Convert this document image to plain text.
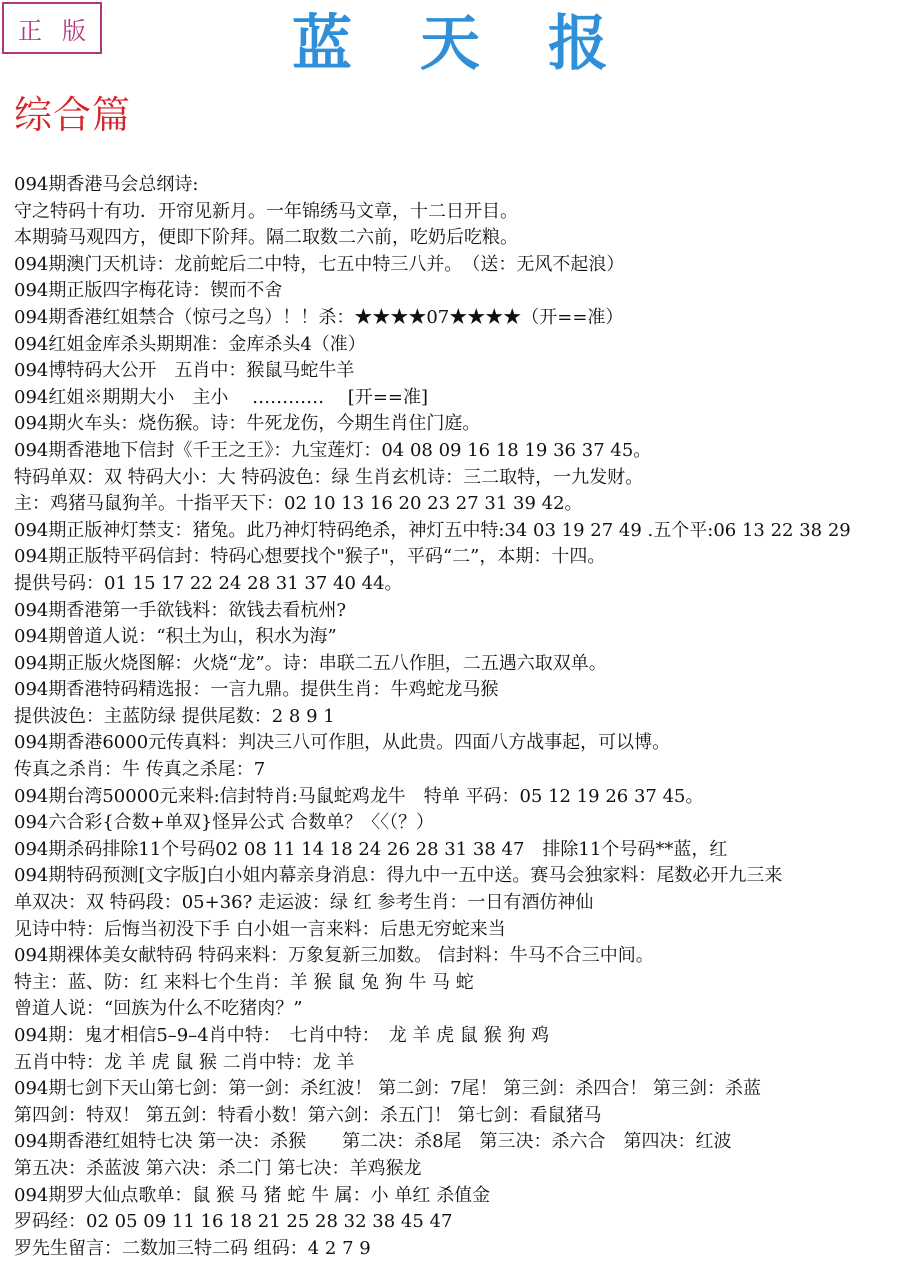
正版	蓝天报
综合篇
094期香港马会总纲诗:
守之特码十有功．开帘见新月。一年锦绣马文章，十二日开目。
本期骑马观四方，便即下阶拜。隔二取数二六前，吃奶后吃粮。
094期澳门天机诗：龙前蛇后二中特，七五中特三八并。　（送：无风不起浪）
094期正版四字梅花诗：锲而不舍
094期香港红姐禁合（惊弓之鸟）！！杀：★★★★07★★★★（开==准）
094红姐金库杀头期期准：金库杀头4（准）
094博特码大公开　五肖中：猴鼠马蛇牛羊
094红姐※期期大小　主小　 ………… 　[开==准]
094期火车头：烧伤猴。诗：牛死龙伤，今期生肖住门庭。
094期香港地下信封《千王之王》：九宝莲灯：04 08 09 16 18 19 36 37 45。
特码单双：双 特码大小：大 特码波色：绿 生肖玄机诗：三二取特，一九发财。
主：鸡猪马鼠狗羊。十指平天下：02 10 13 16 20 23 27 31 39 42。
094期正版神灯禁支：猪兔。此乃神灯特码绝杀，神灯五中特:34 03 19 27 49 .五个平:06 13 22 38 29
094期正版特平码信封：特码心想要找个"猴子"，平码“二”，本期：十四。
提供号码：01 15 17 22 24 28 31 37 40 44。
094期香港第一手欲钱料：欲钱去看杭州?
094期曾道人说：“积土为山，积水为海”
094期正版火烧图解：火烧“龙”。诗：串联二五八作胆，二五遇六取双单。
094期香港特码精选报：一言九鼎。提供生肖：牛鸡蛇龙马猴
提供波色：主蓝防绿 提供尾数：2 8 9 1
094期香港6000元传真料：判决三八可作胆，从此贵。四面八方战事起，可以博。
传真之杀肖：牛 传真之杀尾：7
094期台湾50000元来料:信封特肖:马鼠蛇鸡龙牛　特单 平码：05 12 19 26 37 45。
094六合彩{合数+单双}怪异公式 合数单？〈〈（？）
094期杀码排除11个号码02 08 11 14 18 24 26 28 31 38 47　排除11个号码**蓝，红
094期特码预测[文字版]白小姐内幕亲身消息：得九中一五中送。赛马会独家料：尾数必开九三来
单双决：双 特码段：05+36? 走运波：绿 红 参考生肖：一日有酒仿神仙
见诗中特：后悔当初没下手 白小姐一言来料：后患无穷蛇来当
094期裸体美女献特码 特码来料：万象复新三加数。 信封料：牛马不合三中间。
特主：蓝、防：红 来料七个生肖：羊 猴 鼠 兔 狗 牛 马 蛇
曾道人说：“回族为什么不吃猪肉？”
094期：鬼才相信5–9–4肖中特：　七肖中特：　龙 羊 虎 鼠 猴 狗 鸡
五肖中特：龙 羊 虎 鼠 猴 二肖中特：龙 羊
094期七剑下天山第七剑：第一剑：杀红波！ 第二剑：7尾！ 第三剑：杀四合！ 第三剑：杀蓝
第四剑：特双！ 第五剑：特看小数！第六剑：杀五门！ 第七剑：看鼠猪马
094期香港红姐特七决 第一决：杀猴　　第二决：杀8尾　第三决：杀六合　第四决：红波
第五决：杀蓝波 第六决：杀二门 第七决：羊鸡猴龙
094期罗大仙点歌单：鼠 猴 马 猪 蛇 牛 属：小 单红 杀值金
罗码经：02 05 09 11 16 18 21 25 28 32 38 45 47
罗先生留言：二数加三特二码 组码：4 2 7 9
